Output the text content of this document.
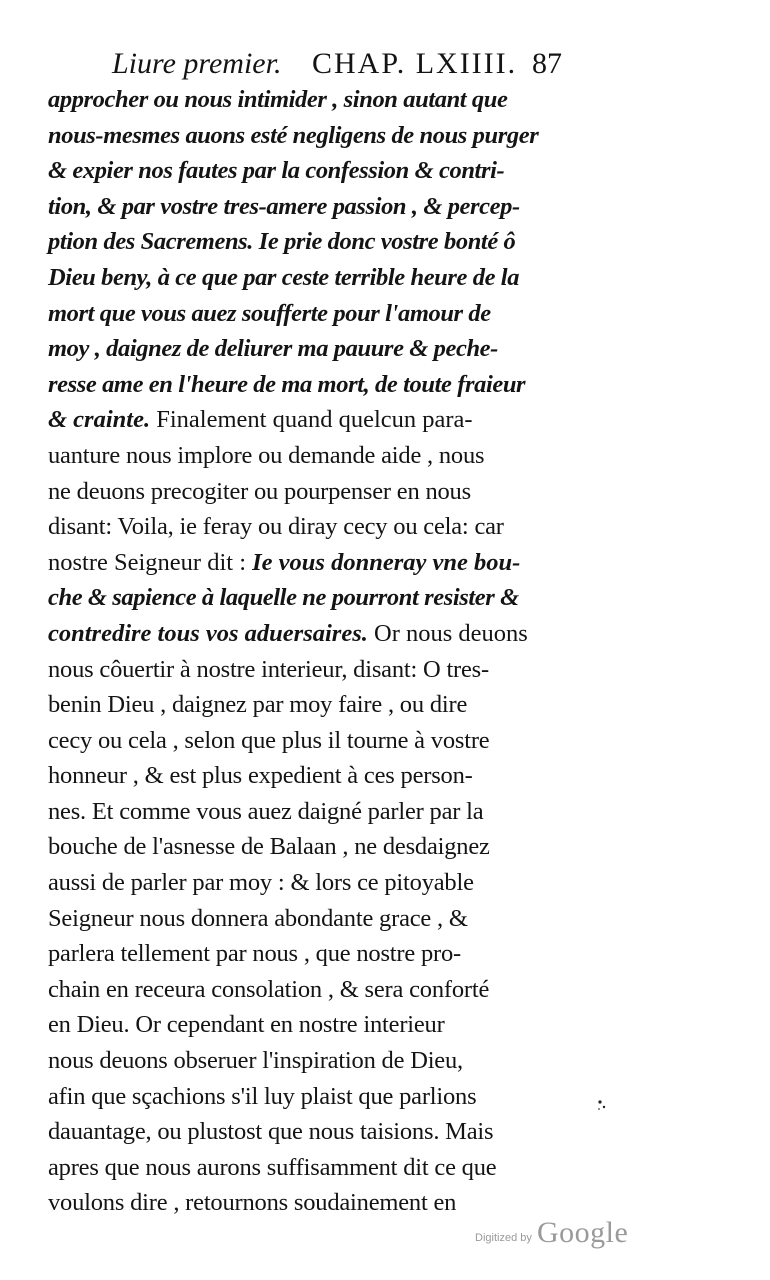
Liure premier. CHAP. LXIIII. 87
approcher ou nous intimider , sinon autant que
nous-mesmes auons esté negligens de nous purger
& expier nos fautes par la confession & contri-
tion, & par vostre tres-amere passion , & percep-
ption des Sacremens. Ie prie donc vostre bonté ô
Dieu beny, à ce que par ceste terrible heure de la
mort que vous auez soufferte pour l'amour de
moy , daignez de deliurer ma pauure & peche-
resse ame en l'heure de ma mort, de toute fraieur
& crainte. Finalement quand quelcun para-
uanture nous implore ou demande aide , nous
ne deuons precogiter ou pourpenser en nous
disant: Voila, ie feray ou diray cecy ou cela: car
nostre Seigneur dit : Ie vous donneray vne bou-
che & sapience à laquelle ne pourront resister &
contredire tous vos aduersaires. Or nous deuons
nous côuertir à nostre interieur, disant: O tres-
benin Dieu , daignez par moy faire , ou dire
cecy ou cela , selon que plus il tourne à vostre
honneur , & est plus expedient à ces person-
nes. Et comme vous auez daigné parler par la
bouche de l'asnesse de Balaan , ne desdaignez
aussi de parler par moy : & lors ce pitoyable
Seigneur nous donnera abondante grace , &
parlera tellement par nous , que nostre pro-
chain en receura consolation , & sera conforté
en Dieu. Or cependant en nostre interieur
nous deuons obseruer l'inspiration de Dieu,
afin que sçachions s'il luy plaist que parlions
dauantage, ou plustost que nous taisions. Mais
apres que nous aurons suffisamment dit ce que
voulons dire , retournons soudainement en
Digitized by Google
